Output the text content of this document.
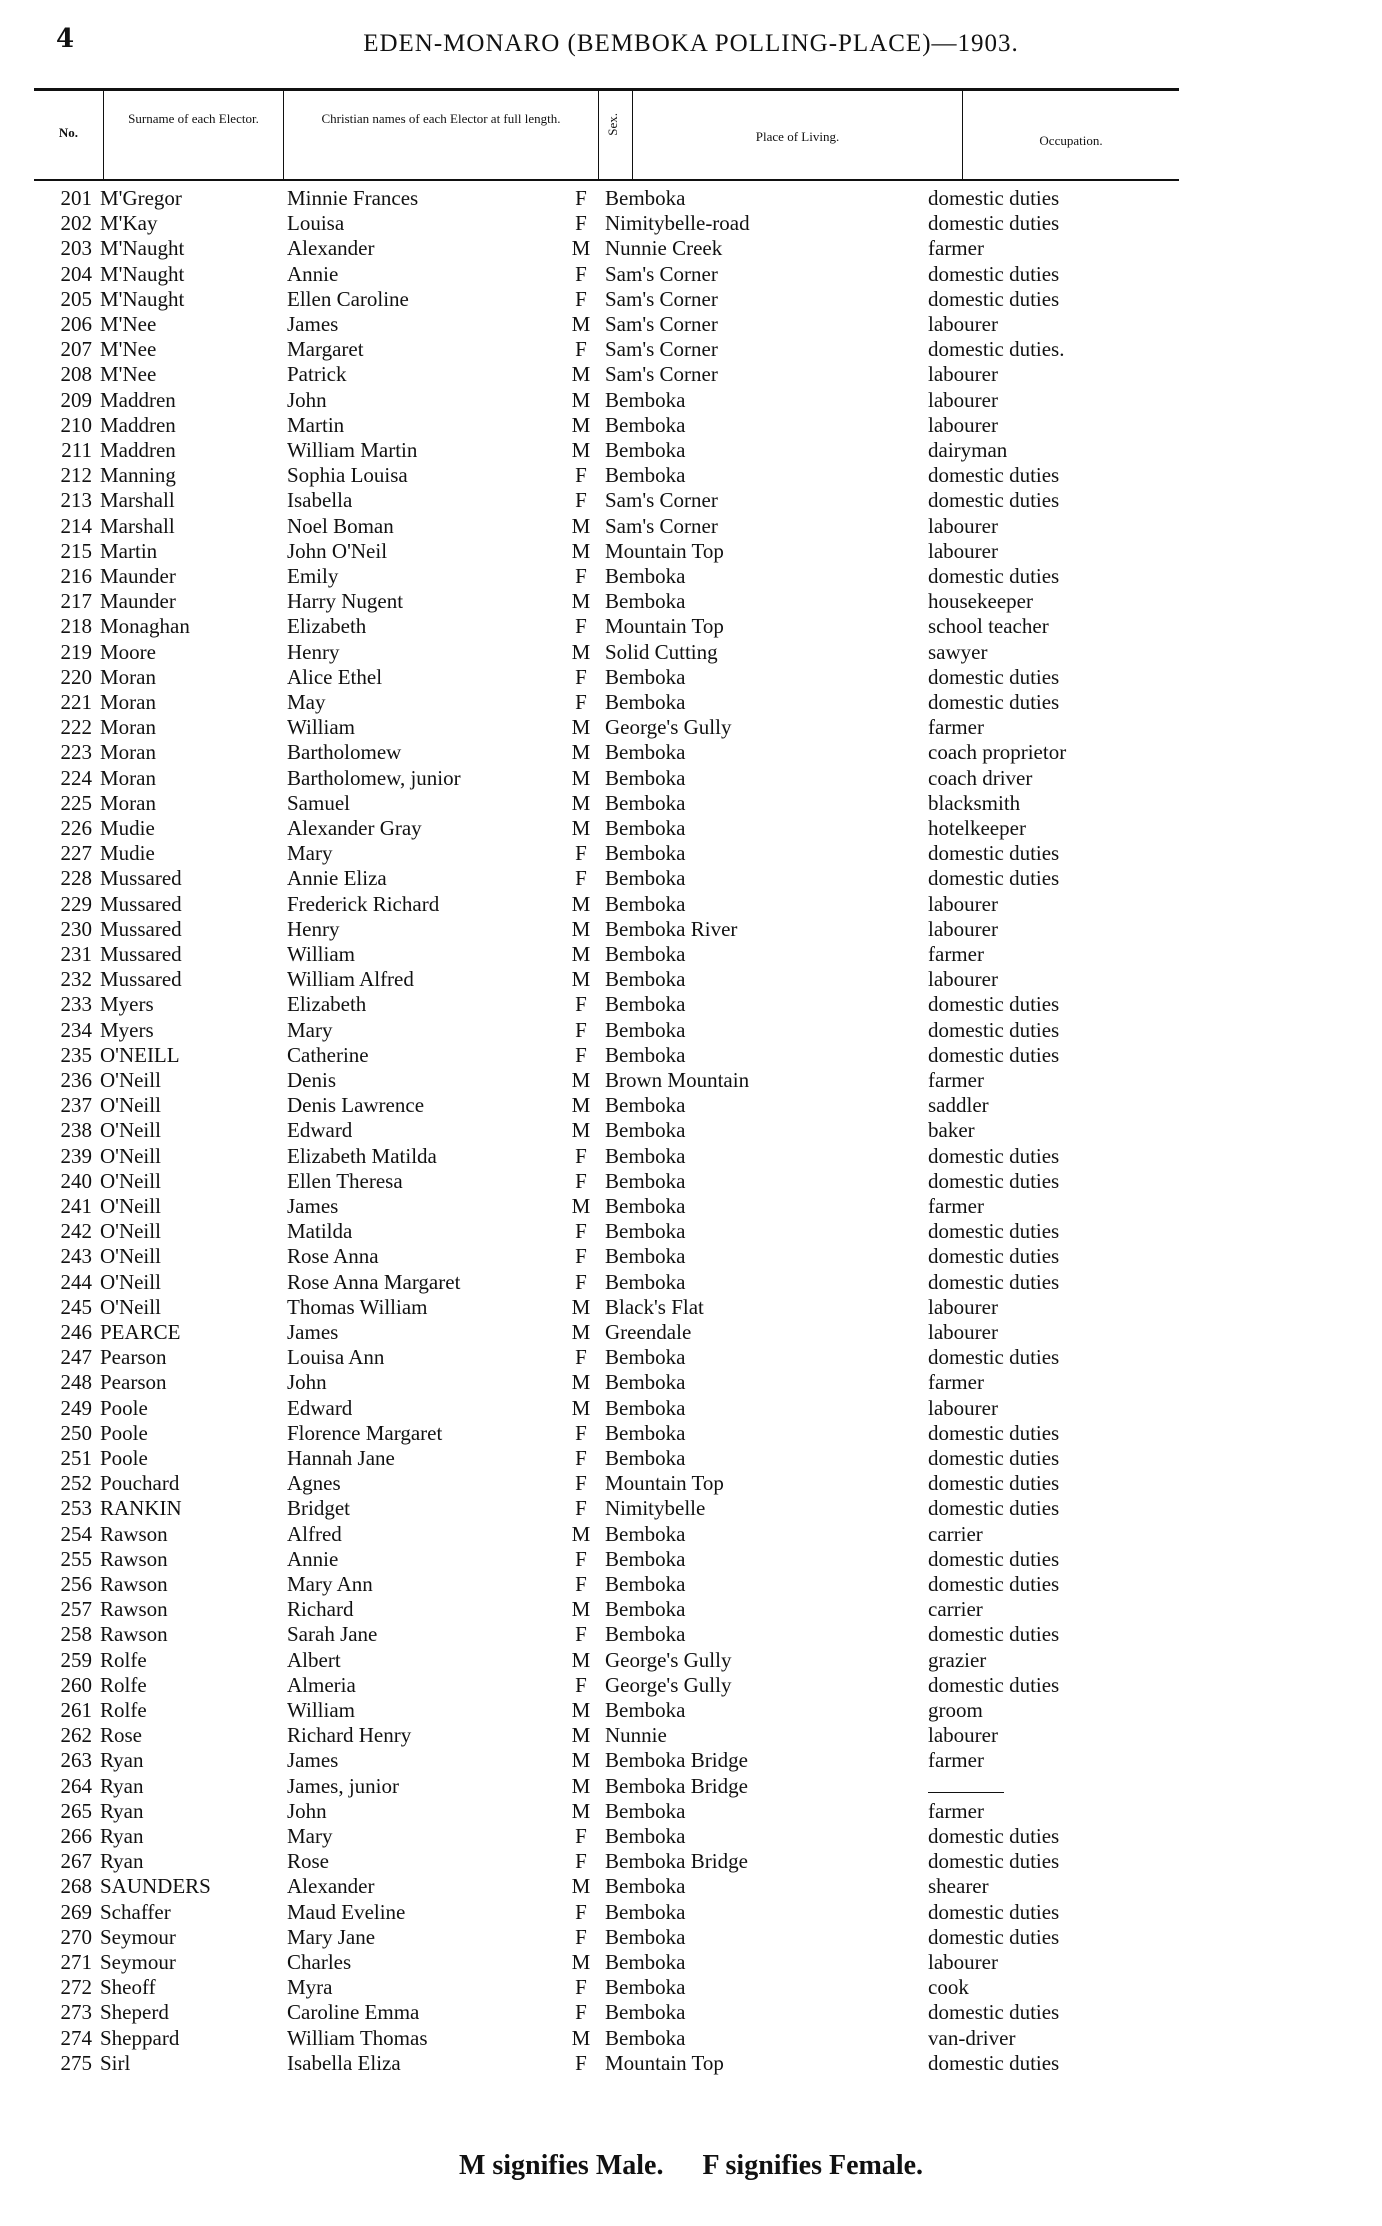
4	EDEN-MONARO (BEMBOKA POLLING-PLACE)—1903.
No.
Surname of each Elector.	Christian names of each Elector at full length.	Sex.
Place of Living.	Occupation.
201 M'Gregor	Minnie Frances	F Bemboka	domestic duties
202 M'Kay	Louisa	F Nimitybelle-road	domestic duties
203 M'Naught	Alexander	M Nunnie Creek	farmer
204 M'Naught	Annie	F Sam's Corner	domestic duties
205 M'Naught	Ellen Caroline	F Sam's Corner	domestic duties
206 M'Nee	James	M Sam's Corner	labourer
207 M'Nee	Margaret	F Sam's Corner	domestic duties.
208 M'Nee	Patrick	M Sam's Corner	labourer
209 Maddren	John	M Bemboka	labourer
210 Maddren	Martin	M Bemboka	labourer
211 Maddren	William Martin	M Bemboka	dairyman
212 Manning	Sophia Louisa	F Bemboka	domestic duties
213 Marshall	Isabella	F Sam's Corner	domestic duties
214 Marshall	Noel Boman	M Sam's Corner	labourer
215 Martin	John O'Neil	M Mountain Top	labourer
216 Maunder	Emily	F Bemboka	domestic duties
217 Maunder	Harry Nugent	M Bemboka	housekeeper
218 Monaghan	Elizabeth	F Mountain Top	school teacher
219 Moore	Henry	M Solid Cutting	sawyer
220 Moran	Alice Ethel	F Bemboka	domestic duties
221 Moran	May	F Bemboka	domestic duties
222 Moran	William	M George's Gully	farmer
223 Moran	Bartholomew	M Bemboka	coach proprietor
224 Moran	Bartholomew, junior	M Bemboka	coach driver
225 Moran	Samuel	M Bemboka	blacksmith
226 Mudie	Alexander Gray	M Bemboka	hotelkeeper
227 Mudie	Mary	F Bemboka	domestic duties
228 Mussared	Annie Eliza	F Bemboka	domestic duties
229 Mussared	Frederick Richard	M Bemboka	labourer
230 Mussared	Henry	M Bemboka River	labourer
231 Mussared	William	M Bemboka	farmer
232 Mussared	William Alfred	M Bemboka	labourer
233 Myers	Elizabeth	F Bemboka	domestic duties
234 Myers	Mary	F Bemboka	domestic duties
235 O'NEILL	Catherine	F Bemboka	domestic duties
236 O'Neill	Denis	M Brown Mountain	farmer
237 O'Neill	Denis Lawrence	M Bemboka	saddler
238 O'Neill	Edward	M Bemboka	baker
239 O'Neill	Elizabeth Matilda	F Bemboka	domestic duties
240 O'Neill	Ellen Theresa	F Bemboka	domestic duties
241 O'Neill	James	M Bemboka	farmer
242 O'Neill	Matilda	F Bemboka	domestic duties
243 O'Neill	Rose Anna	F Bemboka	domestic duties
244 O'Neill	Rose Anna Margaret	F Bemboka	domestic duties
245 O'Neill	Thomas William	M Black's Flat	labourer
246 PEARCE	James	M Greendale	labourer
247 Pearson	Louisa Ann	F Bemboka	domestic duties
248 Pearson	John	M Bemboka	farmer
249 Poole	Edward	M Bemboka	labourer
250 Poole	Florence Margaret	F Bemboka	domestic duties
251 Poole	Hannah Jane	F Bemboka	domestic duties
252 Pouchard	Agnes	F Mountain Top	domestic duties
253 RANKIN	Bridget	F Nimitybelle	domestic duties
254 Rawson	Alfred	M Bemboka	carrier
255 Rawson	Annie	F Bemboka	domestic duties
256 Rawson	Mary Ann	F Bemboka	domestic duties
257 Rawson	Richard	M Bemboka	carrier
258 Rawson	Sarah Jane	F Bemboka	domestic duties
259 Rolfe	Albert	M George's Gully	grazier
260 Rolfe	Almeria	F George's Gully	domestic duties
261 Rolfe	William	M Bemboka	groom
262 Rose	Richard Henry	M Nunnie	labourer
263 Ryan	James	M Bemboka Bridge	farmer
264 Ryan	James, junior	M Bemboka Bridge
265 Ryan	John	M Bemboka	farmer
266 Ryan	Mary	F Bemboka	domestic duties
267 Ryan	Rose	F Bemboka Bridge	domestic duties
268 SAUNDERS	Alexander	M Bemboka	shearer
269 Schaffer	Maud Eveline	F Bemboka	domestic duties
270 Seymour	Mary Jane	F Bemboka	domestic duties
271 Seymour	Charles	M Bemboka	labourer
272 Sheoff	Myra	F Bemboka	cook
273 Sheperd	Caroline Emma	F Bemboka	domestic duties
274 Sheppard	William Thomas	M Bemboka	van-driver
275 Sirl	Isabella Eliza	F Mountain Top	domestic duties
M signifies Male. F signifies Female.
